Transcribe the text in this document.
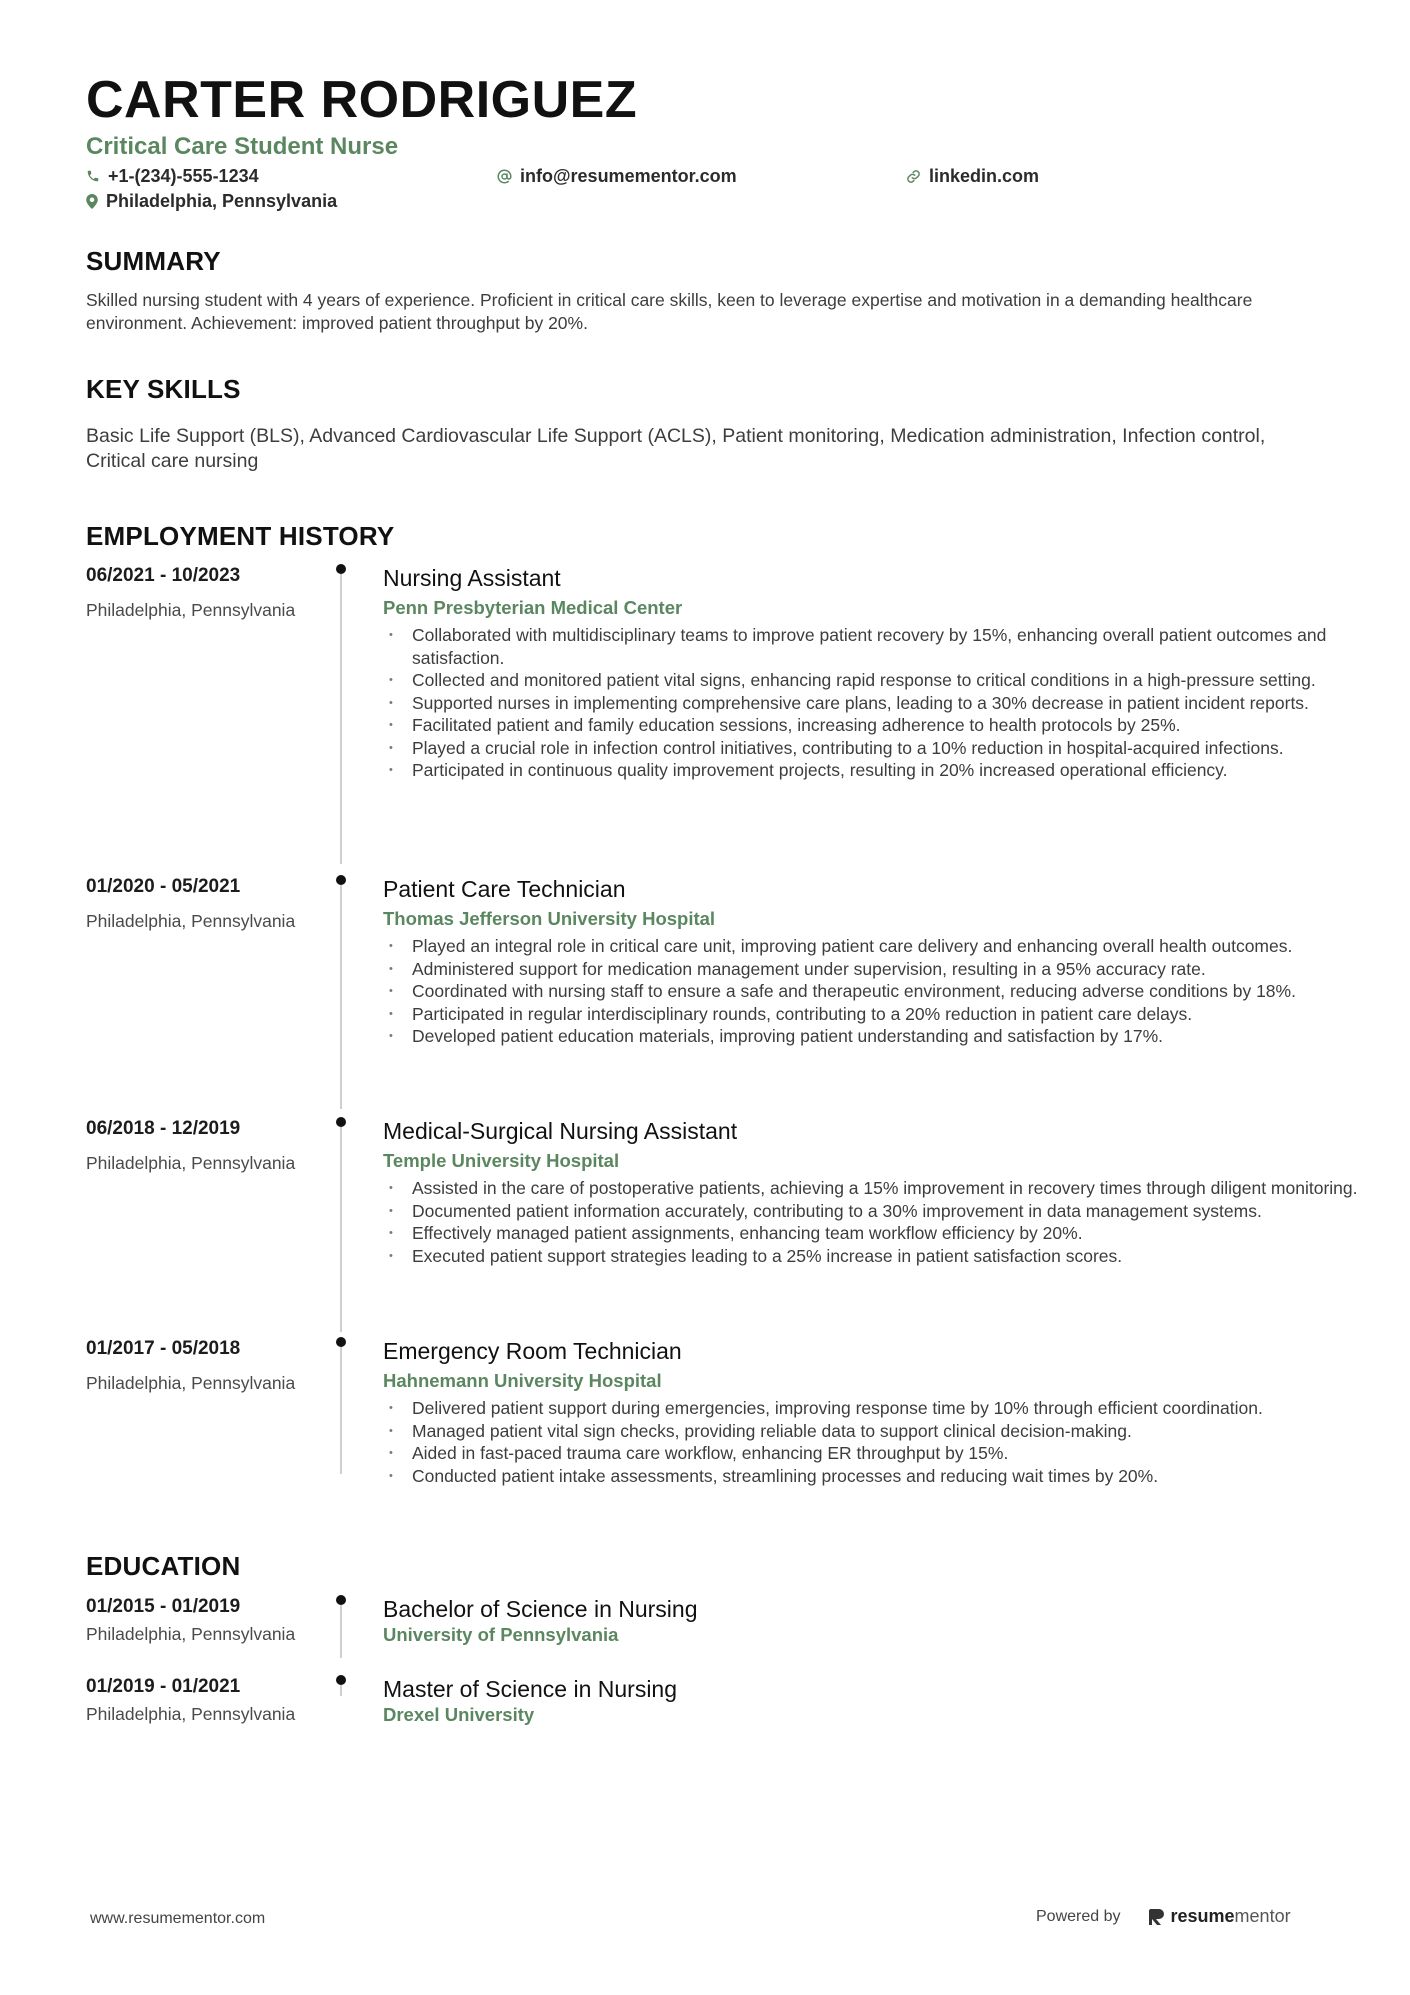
CARTER RODRIGUEZ
Critical Care Student Nurse
+1-(234)-555-1234
Philadelphia, Pennsylvania
info@resumementor.com	linkedin.com
SUMMARY
Skilled nursing student with 4 years of experience. Proficient in critical care skills, keen to leverage expertise and motivation in a demanding healthcare environment. Achievement: improved patient throughput by 20%.
KEY SKILLS
Basic Life Support (BLS), Advanced Cardiovascular Life Support (ACLS), Patient monitoring, Medication administration, Infection control, Critical care nursing
EMPLOYMENT HISTORY
06/2021 - 10/2023
Philadelphia, Pennsylvania
Nursing Assistant
Penn Presbyterian Medical Center
• Collaborated with multidisciplinary teams to improve patient recovery by 15%, enhancing overall patient outcomes and satisfaction.
• Collected and monitored patient vital signs, enhancing rapid response to critical conditions in a high-pressure setting.
• Supported nurses in implementing comprehensive care plans, leading to a 30% decrease in patient incident reports.
• Facilitated patient and family education sessions, increasing adherence to health protocols by 25%.
• Played a crucial role in infection control initiatives, contributing to a 10% reduction in hospital-acquired infections.
• Participated in continuous quality improvement projects, resulting in 20% increased operational efficiency.
01/2020 - 05/2021
Philadelphia, Pennsylvania
Patient Care Technician
Thomas Jefferson University Hospital
• Played an integral role in critical care unit, improving patient care delivery and enhancing overall health outcomes.
• Administered support for medication management under supervision, resulting in a 95% accuracy rate.
• Coordinated with nursing staff to ensure a safe and therapeutic environment, reducing adverse conditions by 18%.
• Participated in regular interdisciplinary rounds, contributing to a 20% reduction in patient care delays.
• Developed patient education materials, improving patient understanding and satisfaction by 17%.
06/2018 - 12/2019
Philadelphia, Pennsylvania
Medical-Surgical Nursing Assistant
Temple University Hospital
• Assisted in the care of postoperative patients, achieving a 15% improvement in recovery times through diligent monitoring.
• Documented patient information accurately, contributing to a 30% improvement in data management systems.
• Effectively managed patient assignments, enhancing team workflow efficiency by 20%.
• Executed patient support strategies leading to a 25% increase in patient satisfaction scores.
01/2017 - 05/2018
Philadelphia, Pennsylvania
Emergency Room Technician
Hahnemann University Hospital
• Delivered patient support during emergencies, improving response time by 10% through efficient coordination.
• Managed patient vital sign checks, providing reliable data to support clinical decision-making.
• Aided in fast-paced trauma care workflow, enhancing ER throughput by 15%.
• Conducted patient intake assessments, streamlining processes and reducing wait times by 20%.
EDUCATION
01/2015 - 01/2019
Philadelphia, Pennsylvania
Bachelor of Science in Nursing
University of Pennsylvania
01/2019 - 01/2021
Philadelphia, Pennsylvania
Master of Science in Nursing
Drexel University
www.resumementor.com	Powered by	resume mentor
